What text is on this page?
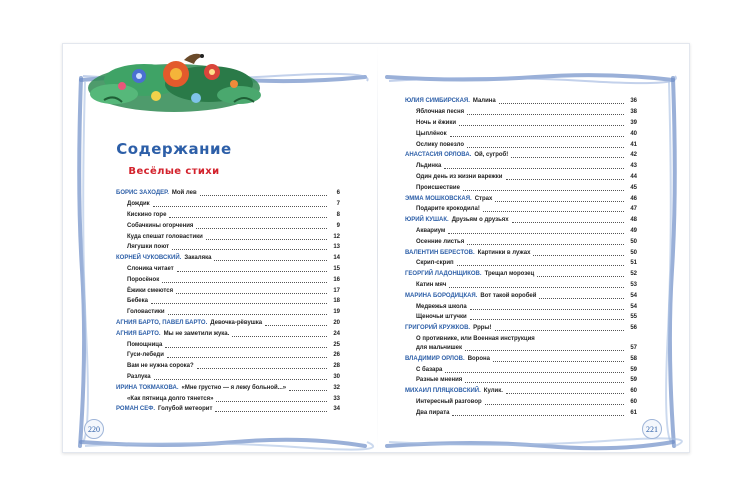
Содержание
Весёлые стихи
БОРИС ЗАХОДЕР. Мой лев	6
Дождик	7
Кискино горе	8
Собачкины огорчения	9
Куда спешат головастики	12
Лягушки поют	13
КОРНЕЙ ЧУКОВСКИЙ. Закаляка	14
Слоника читает	15
Поросёнок	16
Ёжики смеются	17
Бебека	18
Головастики	19
АГНИЯ БАРТО, ПАВЕЛ БАРТО. Девочка-рёвушка	20
АГНИЯ БАРТО. Мы не заметили жука.	24
Помощница	25
Гуси-лебеди	26
Вам не нужна сорока?	28
Разлука	30
ИРИНА ТОКМАКОВА. «Мне грустно — я лежу больной...»	32
«Как пятница долго тянется»	33
РОМАН СЕФ. Голубой метеорит	34
ЮЛИЯ СИМБИРСКАЯ. Малина	36
Яблочная песня	38
Ночь и ёжики	39
Цыплёнок	40
Ослику повезло	41
АНАСТАСИЯ ОРЛОВА. Ой, сугроб!	42
Льдинка	43
Один день из жизни варежки	44
Происшествие	45
ЭММА МОШКОВСКАЯ. Страх	46
Подарите крокодила!	47
ЮРИЙ КУШАК. Друзьям о друзьях	48
Аквариум	49
Осенние листья	50
ВАЛЕНТИН БЕРЕСТОВ. Картинки в лужах	50
Скрип-скрип	51
ГЕОРГИЙ ЛАДОНЩИКОВ. Трещал морозец	52
Катин мяч	53
МАРИНА БОРОДИЦКАЯ. Вот такой воробей	54
Медвежья школа	54
Щеночьи штучки	55
ГРИГОРИЙ КРУЖКОВ. Ррры!	56
О противнике, или Военная инструкция
для мальчишек	57
ВЛАДИМИР ОРЛОВ. Ворона	58
С базара	59
Разные мнения	59
МИХАИЛ ПЛЯЦКОВСКИЙ. Кулик.	60
Интересный разговор	60
Два пирата	61
220	221
